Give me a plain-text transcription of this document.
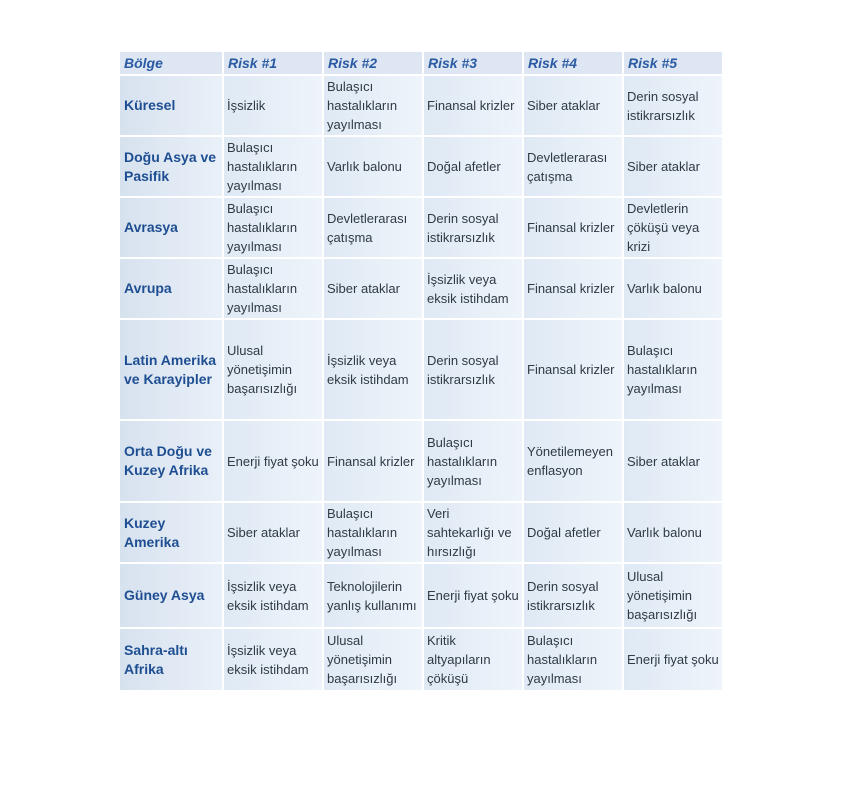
Bölge	Risk #1	Risk #2	Risk #3	Risk #4	Risk #5
Küresel	İşsizlik	Bulaşıcı hastalıkların yayılması	Finansal krizler	Siber ataklar	Derin sosyal istikrarsızlık
Doğu Asya ve Pasifik	Bulaşıcı hastalıkların yayılması	Varlık balonu	Doğal afetler	Devletlerarası çatışma	Siber ataklar
Avrasya	Bulaşıcı hastalıkların yayılması	Devletlerarası çatışma	Derin sosyal istikrarsızlık	Finansal krizler	Devletlerin çöküşü veya krizi
Avrupa	Bulaşıcı hastalıkların yayılması	Siber ataklar	İşsizlik veya eksik istihdam	Finansal krizler	Varlık balonu
Latin Amerika ve Karayipler	Ulusal yönetişimin başarısızlığı	İşsizlik veya eksik istihdam	Derin sosyal istikrarsızlık	Finansal krizler	Bulaşıcı hastalıkların yayılması
Orta Doğu ve Kuzey Afrika	Enerji fiyat şoku	Finansal krizler	Bulaşıcı hastalıkların yayılması	Yönetilemeyen enflasyon	Siber ataklar
Kuzey Amerika	Siber ataklar	Bulaşıcı hastalıkların yayılması	Veri sahtekarlığı ve hırsızlığı	Doğal afetler	Varlık balonu
Güney Asya	İşsizlik veya eksik istihdam	Teknolojilerin yanlış kullanımı	Enerji fiyat şoku	Derin sosyal istikrarsızlık	Ulusal yönetişimin başarısızlığı
Sahra-altı Afrika	İşsizlik veya eksik istihdam	Ulusal yönetişimin başarısızlığı	Kritik altyapıların çöküşü	Bulaşıcı hastalıkların yayılması	Enerji fiyat şoku
